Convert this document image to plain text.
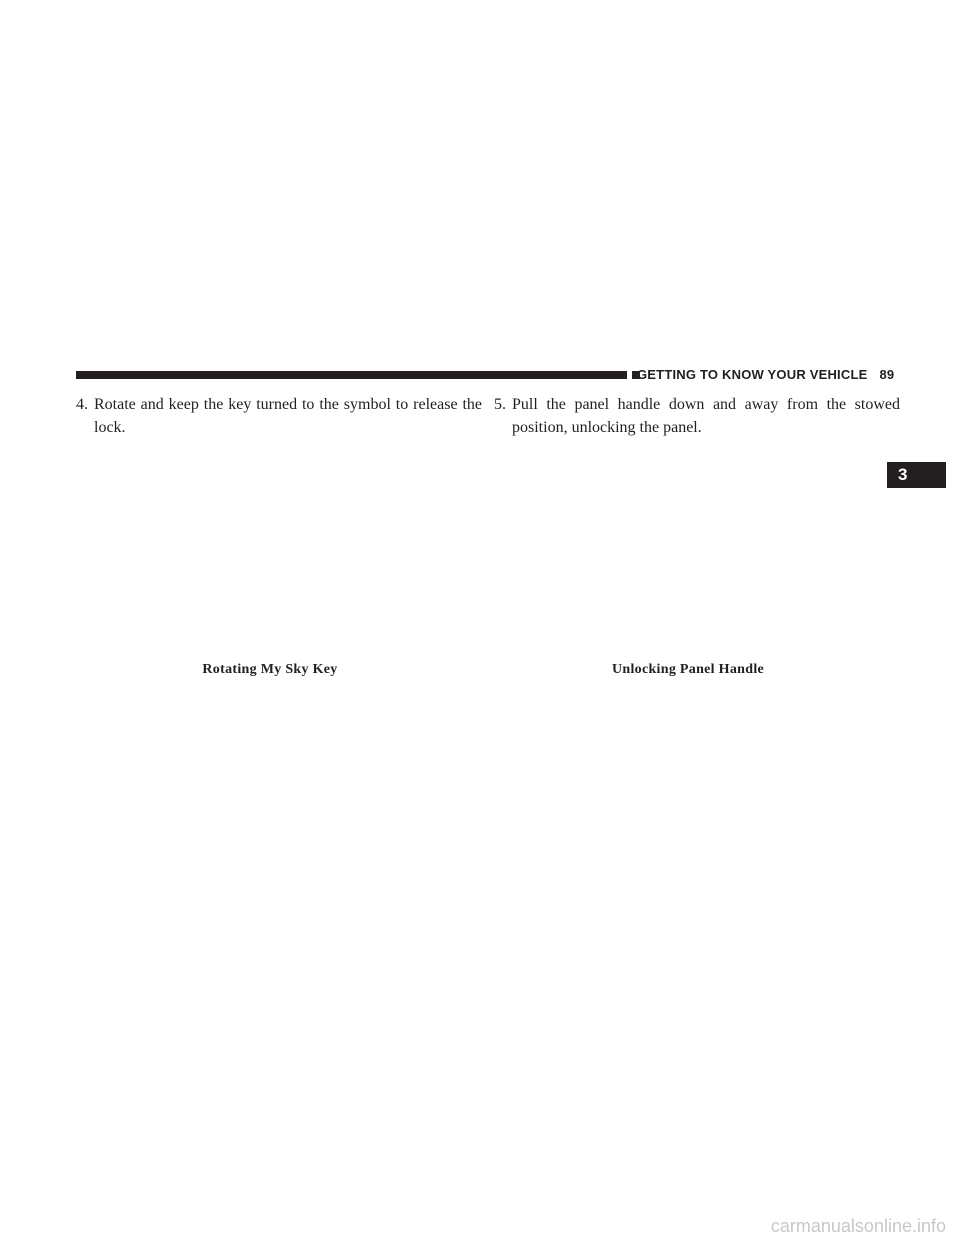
GETTING TO KNOW YOUR VEHICLE 89
4. Rotate and keep the key turned to the symbol to release the lock.
5. Pull the panel handle down and away from the stowed position, unlocking the panel.
Rotating My Sky Key	Unlocking Panel Handle
3
carmanualsonline.info
